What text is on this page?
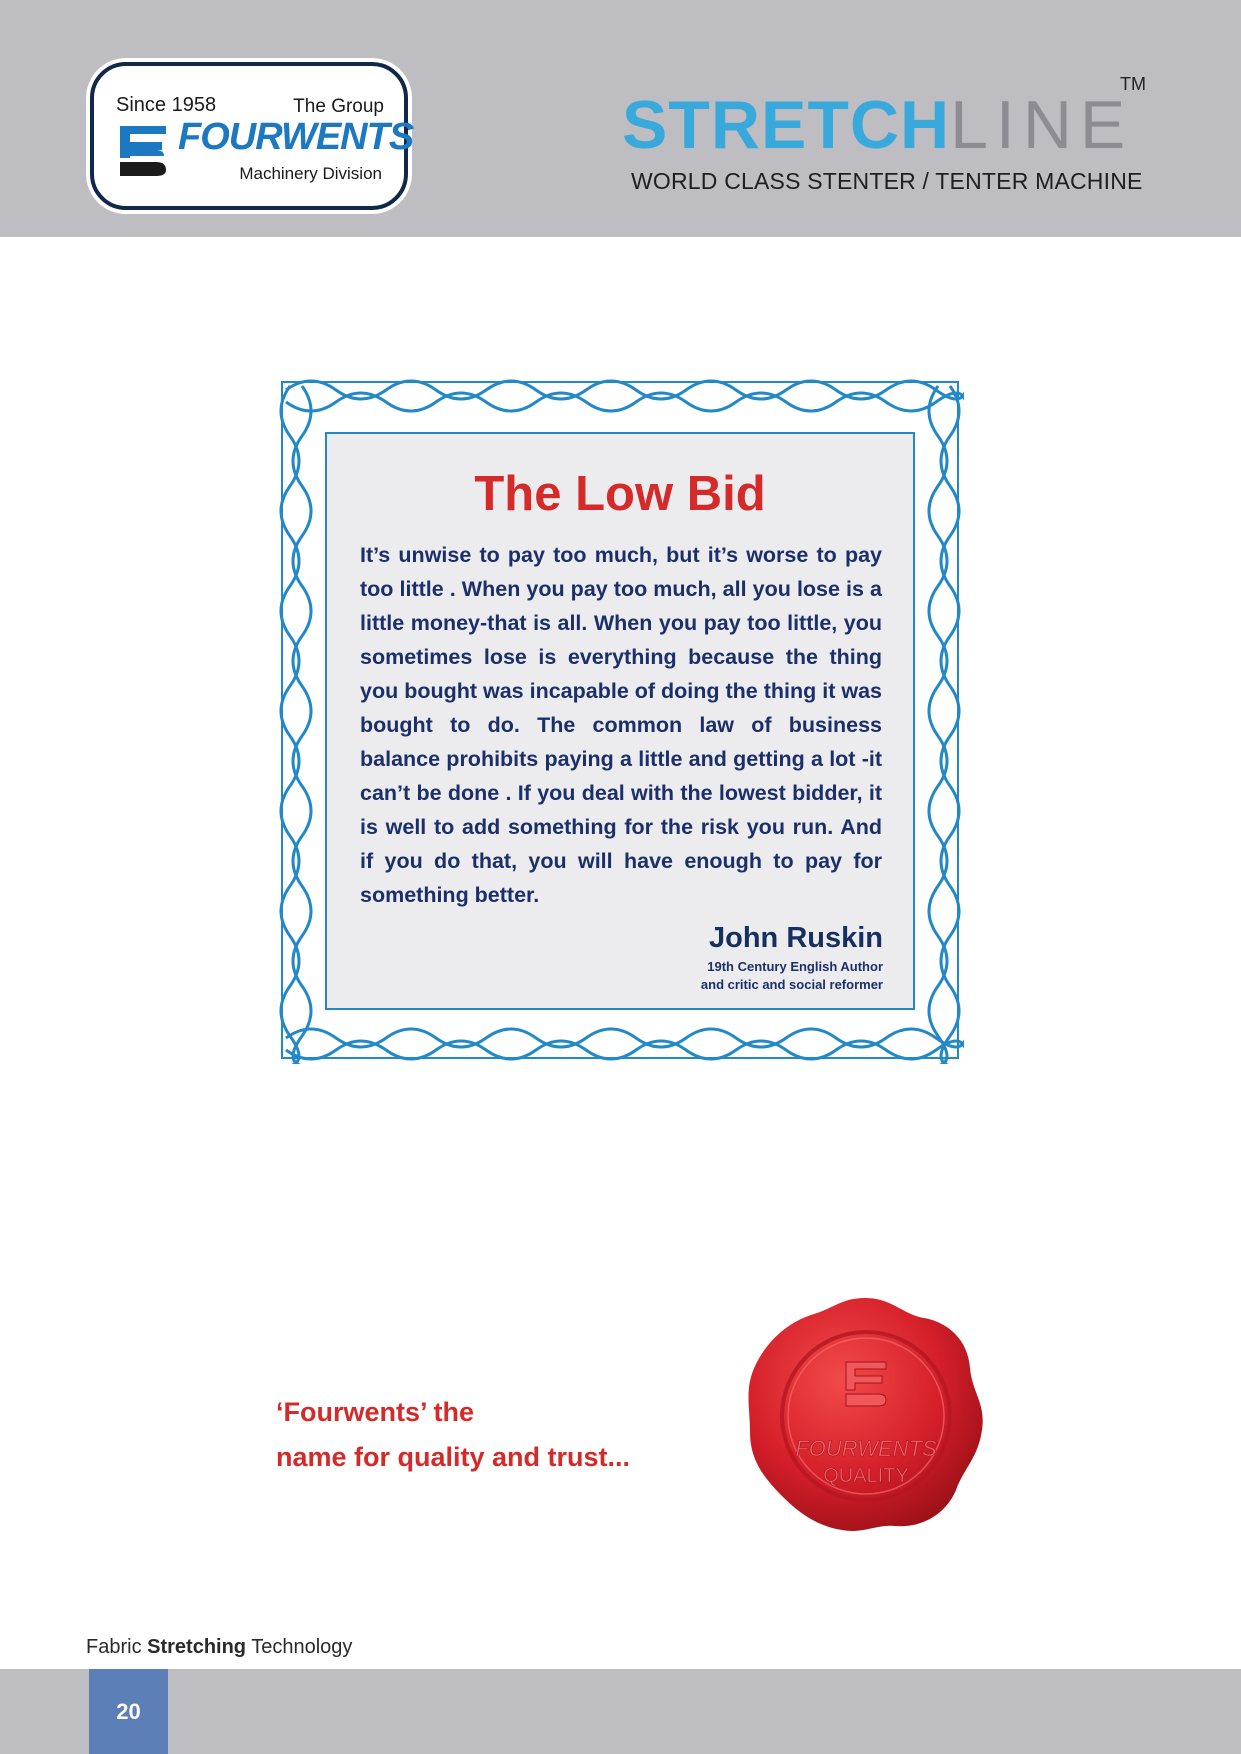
Since 1958	The Group
FOURWENTS
Machinery Division
TM
STRETCHLINE
WORLD CLASS STENTER / TENTER MACHINE
The Low Bid

It’s unwise to pay too much, but it’s worse to pay too little . When you pay too much, all you lose is a little money-that is all. When you pay too little, you sometimes lose is everything because the thing you bought was incapable of doing the thing it was bought to do. The common law of business balance prohibits paying a little and getting a lot -it can’t be done . If you deal with the lowest bidder, it is well to add something for the risk you run. And if you do that, you will have enough to pay for something better.

John Ruskin
19th Century English Author
and critic and social reformer
‘Fourwents’ the
name for quality and trust...	FOURWENTS
QUALITY
Fabric Stretching Technology
20
